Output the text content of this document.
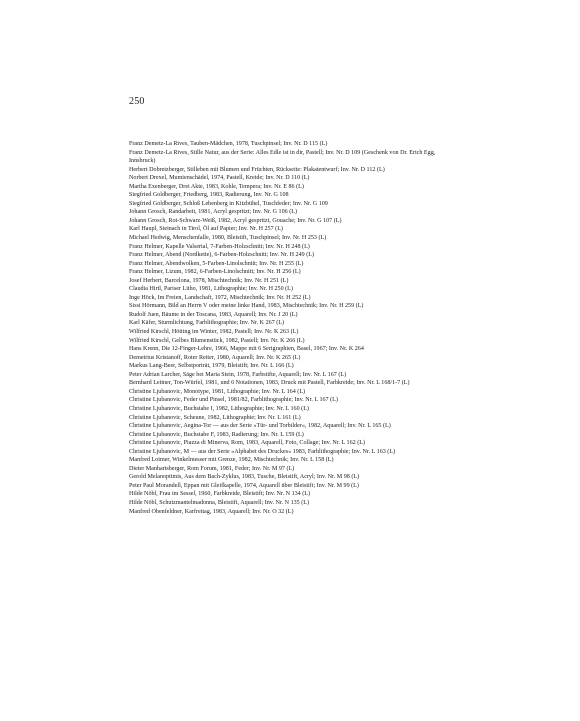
250
Franz Demetz-La Rives, Tauben-Mädchen, 1978, Tuschpinsel; Inv. Nr. D 115 (L)
Franz Demetz-La Rives, Stille Natur, aus der Serie: Alles Edle ist in dir, Pastell; Inv. Nr. D 109 (Geschenk von Dr. Erich Egg, Innsbruck)
Herbert Dobretzberger, Stilleben mit Blumen und Früchten, Rückseite: Plakatentwurf; Inv. Nr. D 112 (L)
Norbert Drexel, Mumienschädel, 1974, Pastell, Kreide; Inv. Nr. D 110 (L)
Martha Exenberger, Drei Akte, 1983, Kohle, Tempera; Inv. Nr. E 86 (L)
Siegfried Goldberger, Friedberg, 1983, Radierung, Inv. Nr. G 108
Siegfried Goldberger, Schloß Lebenberg in Kitzbühel, Tuschfeder; Inv. Nr. G 109
Johann Grosch, Randarbeit, 1981, Acryl gespritzt; Inv. Nr. G 106 (L)
Johann Grosch, Rot-Schwarz-Weiß, 1982, Acryl gespritzt, Gouache; Inv. Nr. G 107 (L)
Karl Haupl, Steinach in Tirol, Öl auf Papier; Inv. Nr. H 257 (L)
Michael Hedwig, Menschenfalle, 1980, Bleistift, Tuschpinsel; Inv. Nr. H 253 (L)
Franz Helmer, Kapelle Valsertal, 7-Farben-Holzschnitt; Inv. Nr. H 248 (L)
Franz Helmer, Abend (Nordkette), 6-Farben-Holzschnitt; Inv. Nr. H 249 (L)
Franz Helmer, Abendwolken, 5-Farben-Linolschnitt; Inv. Nr. H 255 (L)
Franz Helmer, Lizum, 1982, 6-Farben-Linolschnitt; Inv. Nr. H 256 (L)
Josef Herbert, Barcelona, 1978, Mischtechnik; Inv. Nr. H 251 (L)
Claudia Hirtl, Pariser Litho, 1981, Lithographie; Inv. Nr. H 250 (L)
Inge Höck, Im Freien, Landschaft, 1972, Mischtechnik; Inv. Nr. H 252 (L)
Sissi Hörmann, Bild an Herrn V oder meine linke Hand, 1983, Mischtechnik; Inv. Nr. H 259 (L)
Rudolf Juen, Bäume in der Toscana, 1983, Aquarell; Inv. Nr. J 20 (L)
Karl Käfer, Sturmlichtung, Farblithographie; Inv. Nr. K 267 (L)
Wilfried Kirschl, Hötting im Winter, 1982, Pastell; Inv. Nr. K 263 (L)
Wilfried Kirschl, Gelbes Blumenstück, 1982, Pastell; Inv. Nr. K 266 (L)
Hans Krenn, Die 12-Finger-Lehre, 1966, Mappe mit 6 Serigraphien, Basel, 1967; Inv. Nr. K 264
Demetrius Kristanoff, Roter Reiter, 1980, Aquarell; Inv. Nr. K 265 (L)
Markus Lang-Beer, Selbstporträt, 1979, Bleistift; Inv. Nr. L 166 (L)
Peter Adrian Larcher, Säge bei Maria Stein, 1978, Farbstifte, Aquarell; Inv. Nr. L 167 (L)
Bernhard Leitner, Ton-Würfel, 1981, und 6 Notationen, 1983, Druck mit Pastell, Farbkreide; Inv. Nr. L 168/1-7 (L)
Christine Ljubanovic, Monotype, 1981, Lithographie; Inv. Nr. L 164 (L)
Christine Ljubanovic, Feder und Pinsel, 1981/82, Farblithographie; Inv. Nr. L 167 (L)
Christine Ljubanovic, Buchstabe I, 1982, Lithographie; Inv. Nr. L 160 (L)
Christine Ljubanovic, Scheune, 1982, Lithographie; Inv. Nr. L 161 (L)
Christine Ljubanovic, Aegina-Tor — aus der Serie »Tür- und Torbilder«, 1982, Aquarell; Inv. Nr. L 165 (L)
Christine Ljubanovic, Buchstabe F, 1983, Radierung; Inv. Nr. L 159 (L)
Christine Ljubanovic, Piazza di Minerva, Rom, 1983, Aquarell, Foto, Collage; Inv. Nr. L 162 (L)
Christine Ljubanovic, M — aus der Serie »Alphabet des Druckes« 1983, Farblithographie; Inv. Nr. L 163 (L)
Manfred Loimer, Winkelmesser mit Grenze, 1982, Mischtechnik; Inv. Nr. L 158 (L)
Dieter Manhartsberger, Rom Forum, 1981, Feder; Inv. Nr. M 97 (L)
Gerold Melanoptimis, Aus dem Bach-Zyklus, 1983, Tusche, Bleistift, Acryl; Inv. Nr. M 98 (L)
Peter Paul Morandell, Eppan mit Gleifkapelle, 1974, Aquarell über Bleistift; Inv. Nr. M 99 (L)
Hilde Nöbl, Frau im Sessel, 1960, Farbkreide, Bleistift; Inv. Nr. N 134 (L)
Hilde Nöbl, Schutzmantelmadonna, Bleistift, Aquarell; Inv. Nr. N 135 (L)
Manfred Obenfeldner, Karfreitag, 1983, Aquarell; Inv. Nr. O 32 (L)
